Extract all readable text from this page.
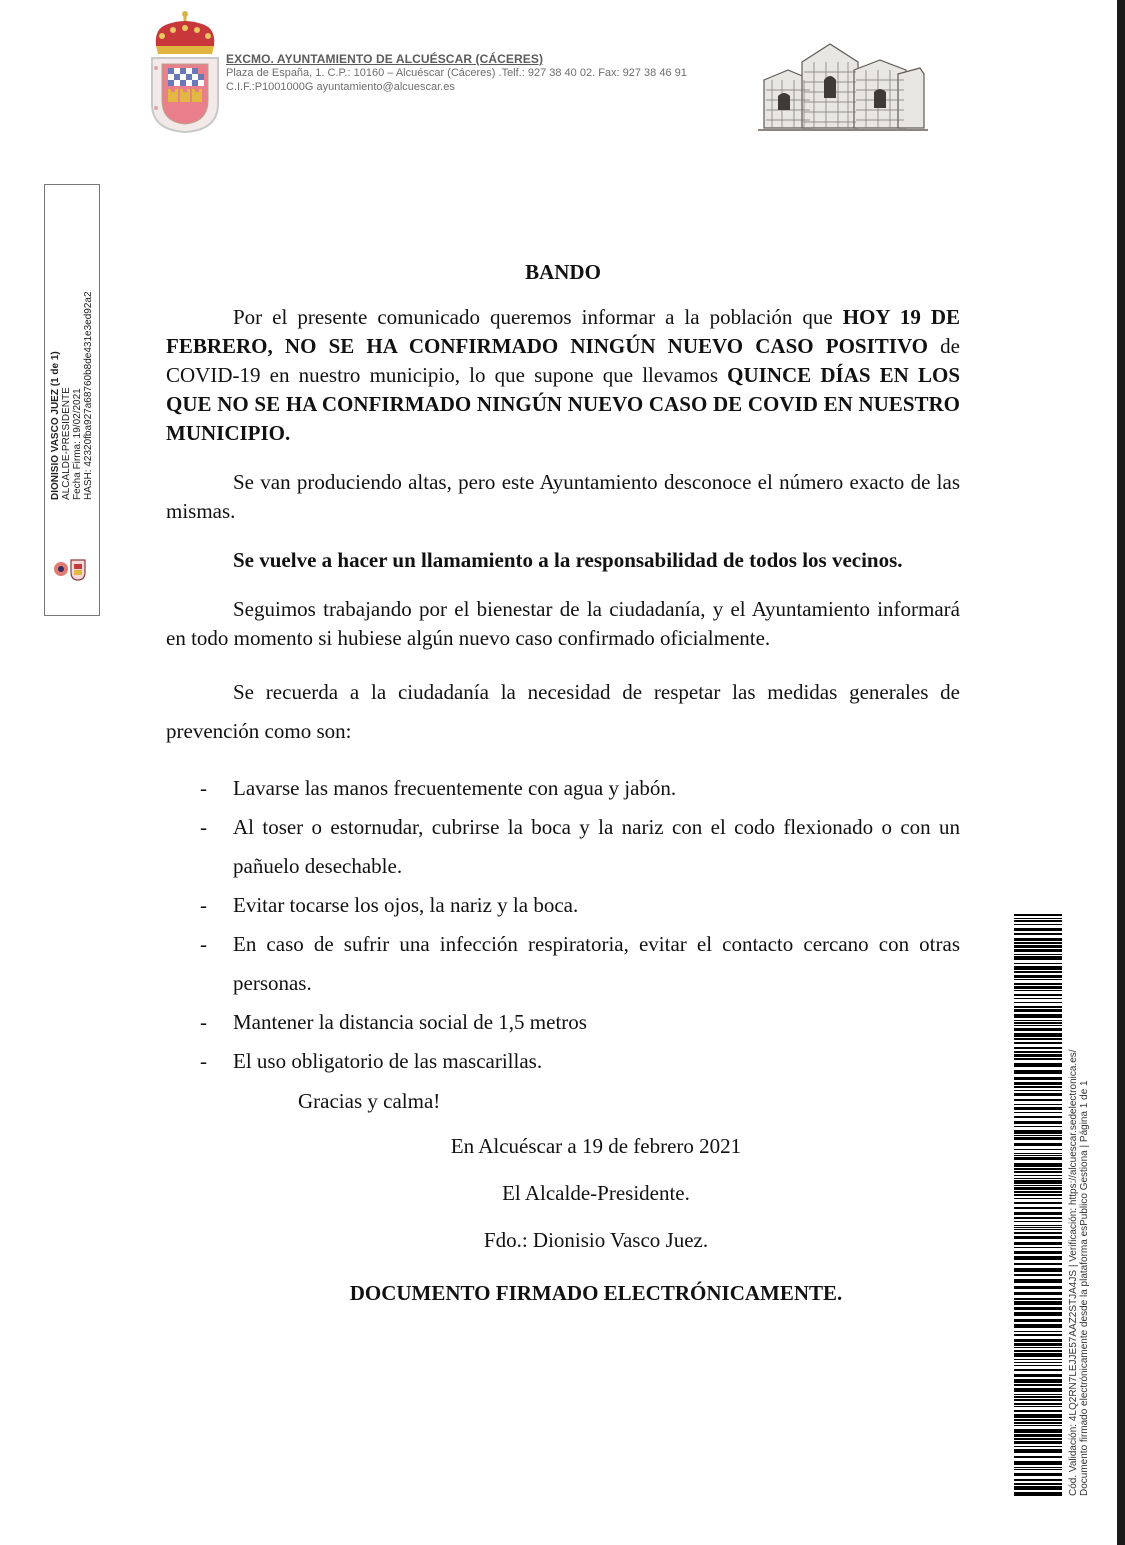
EXCMO. AYUNTAMIENTO DE ALCUÉSCAR (CÁCERES)
Plaza de España, 1. C.P.: 10160 – Alcuéscar (Cáceres) .Telf.: 927 38 40 02. Fax: 927 38 46 91
C.I.F.:P1001000G ayuntamiento@alcuescar.es
DIONISIO VASCO JUEZ (1 de 1) ALCALDE-PRESIDENTE Fecha Firma: 19/02/2021 HASH: 42320fba927a68760b8de431e3ed92a2
BANDO

Por el presente comunicado queremos informar a la población que HOY 19 DE FEBRERO, NO SE HA CONFIRMADO NINGÚN NUEVO CASO POSITIVO de COVID-19 en nuestro municipio, lo que supone que llevamos QUINCE DÍAS EN LOS QUE NO SE HA CONFIRMADO NINGÚN NUEVO CASO DE COVID EN NUESTRO MUNICIPIO.

Se van produciendo altas, pero este Ayuntamiento desconoce el número exacto de las mismas.

Se vuelve a hacer un llamamiento a la responsabilidad de todos los vecinos.

Seguimos trabajando por el bienestar de la ciudadanía, y el Ayuntamiento informará en todo momento si hubiese algún nuevo caso confirmado oficialmente.

Se recuerda a la ciudadanía la necesidad de respetar las medidas generales de prevención como son:

- Lavarse las manos frecuentemente con agua y jabón.
- Al toser o estornudar, cubrirse la boca y la nariz con el codo flexionado o con un pañuelo desechable.
- Evitar tocarse los ojos, la nariz y la boca.
- En caso de sufrir una infección respiratoria, evitar el contacto cercano con otras personas.
- Mantener la distancia social de 1,5 metros
- El uso obligatorio de las mascarillas.

Gracias y calma!

En Alcuéscar a 19 de febrero 2021

El Alcalde-Presidente.

Fdo.: Dionisio Vasco Juez.

DOCUMENTO FIRMADO ELECTRÓNICAMENTE.	Cód. Validación: 4LQ2RN7LEJJE57AAZ2STJA4JS | Verificación: https://alcuescar.sedelectronica.es/ Documento firmado electrónicamente desde la plataforma esPublico Gestiona | Página 1 de 1
